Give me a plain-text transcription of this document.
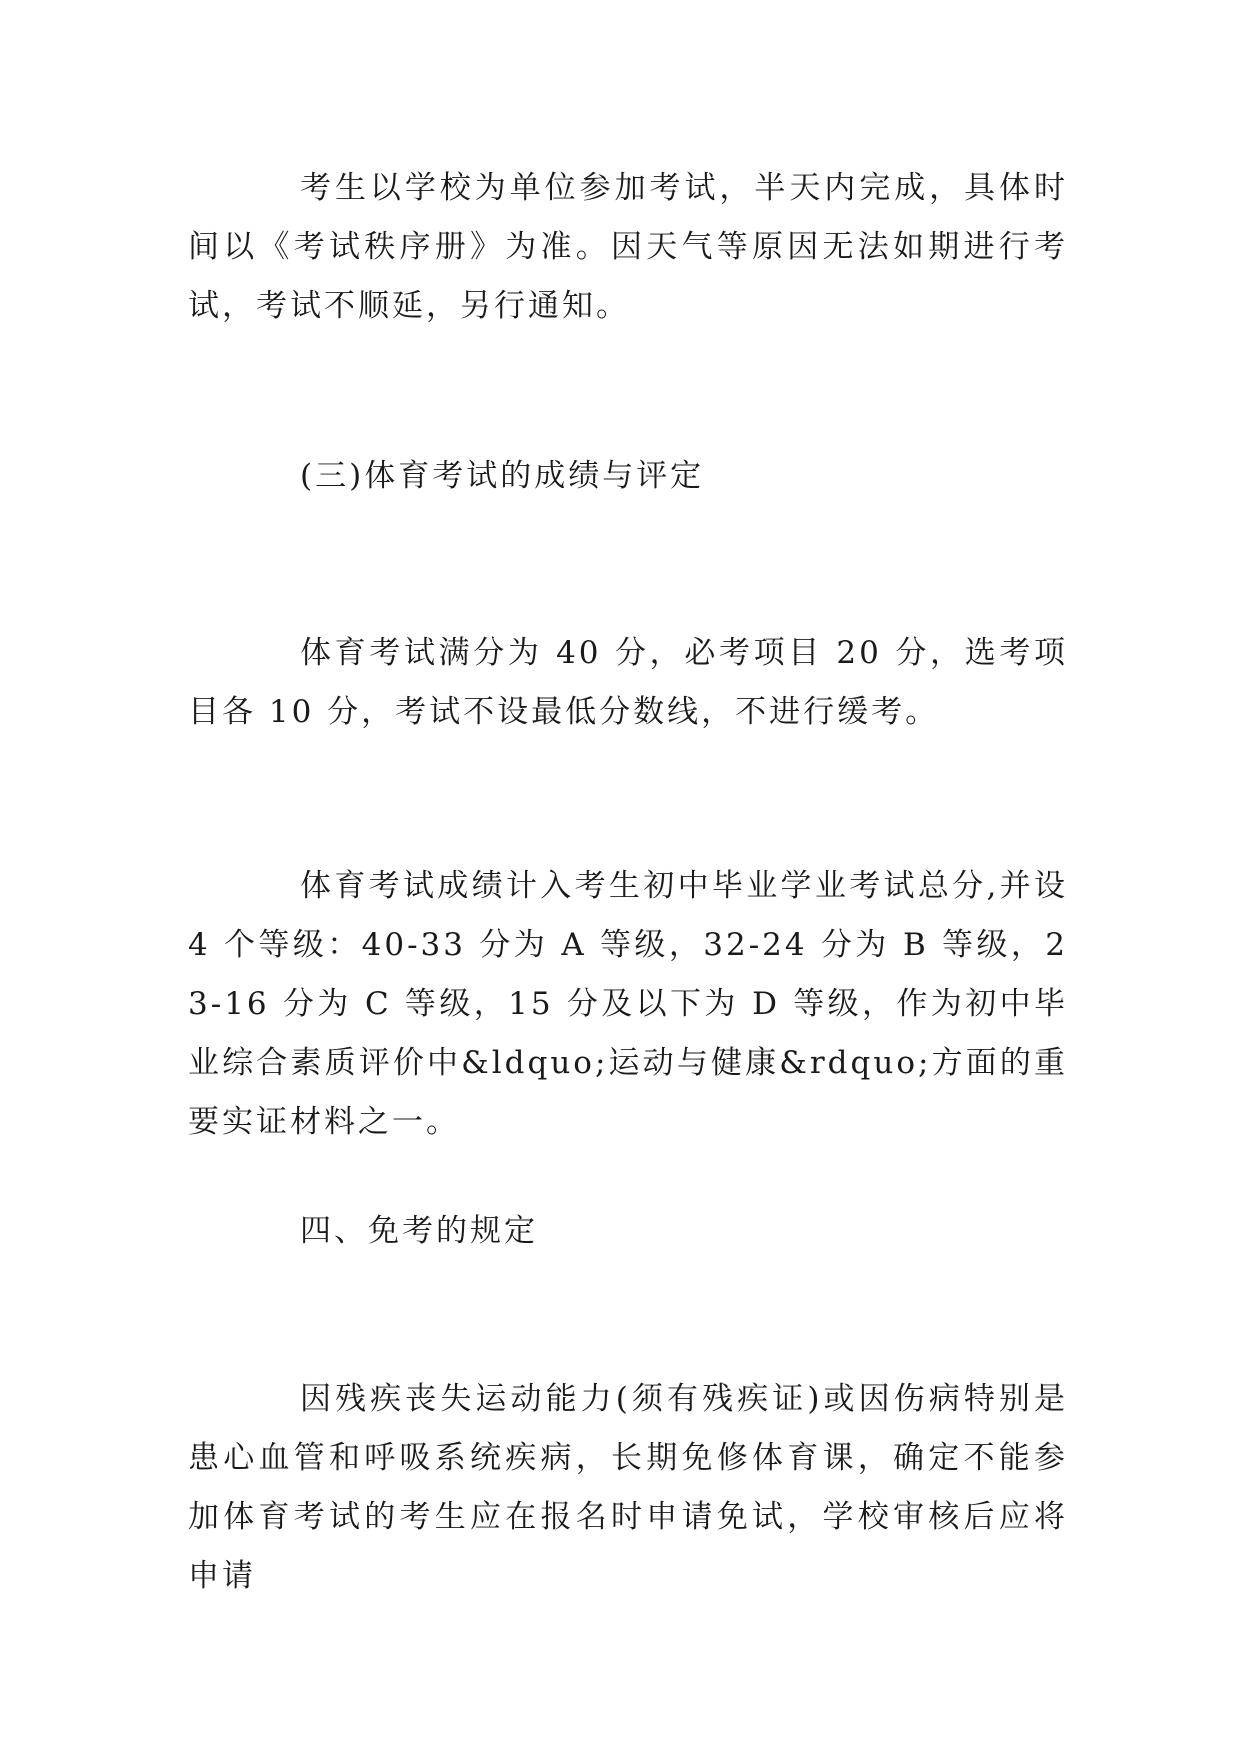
考生以学校为单位参加考试，半天内完成，具体时间以《考试秩序册》为准。因天气等原因无法如期进行考试，考试不顺延，另行通知。

(三)体育考试的成绩与评定

体育考试满分为 40 分，必考项目 20 分，选考项目各 10 分，考试不设最低分数线，不进行缓考。

体育考试成绩计入考生初中毕业学业考试总分,并设 4 个等级：40-33 分为 A 等级，32-24 分为 B 等级，23-16 分为 C 等级，15 分及以下为 D 等级，作为初中毕业综合素质评价中&ldquo;运动与健康&rdquo;方面的重要实证材料之一。

四、免考的规定

因残疾丧失运动能力(须有残疾证)或因伤病特别是患心血管和呼吸系统疾病，长期免修体育课，确定不能参加体育考试的考生应在报名时申请免试，学校审核后应将申请
